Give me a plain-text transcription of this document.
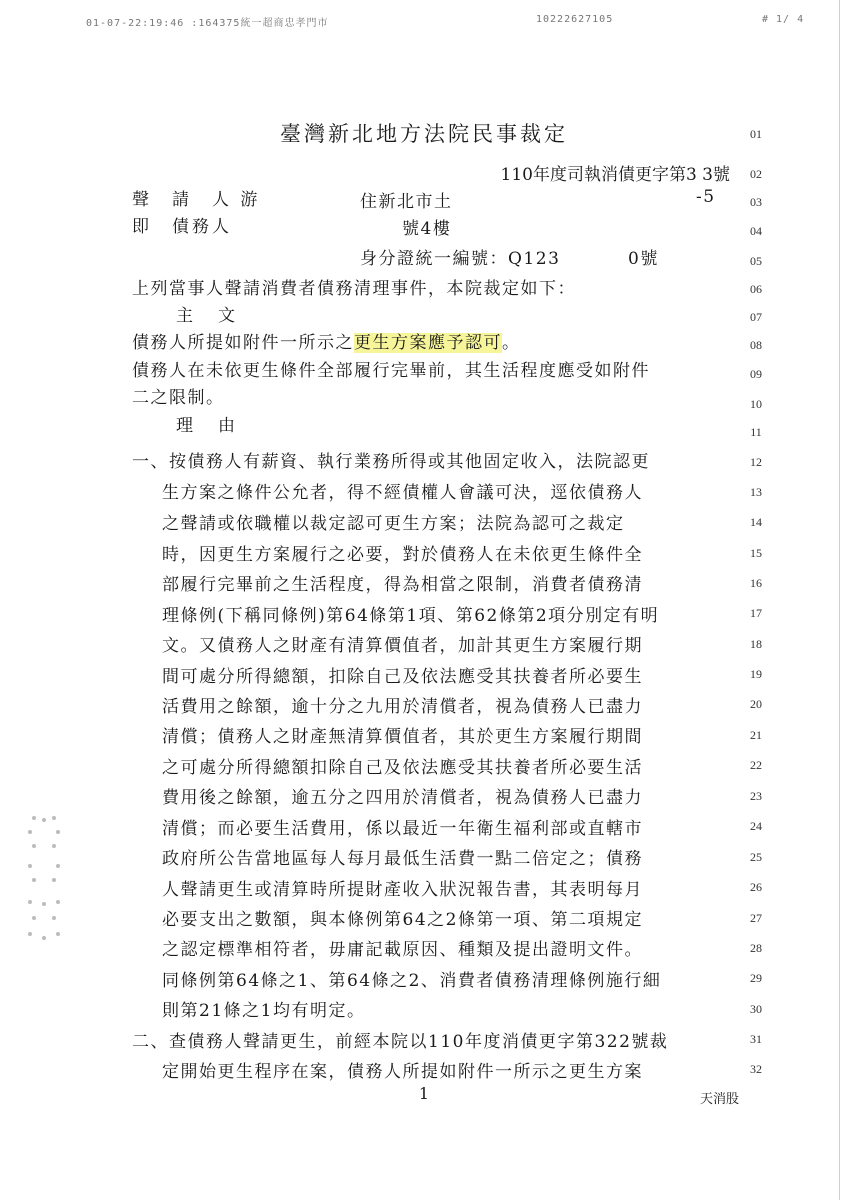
01-07-22:19:46 :164375統一超商忠孝門市	10222627105	# 1/ 4
臺灣新北地方法院民事裁定
110年度司執消債更字第3 3號
聲　請　人 游	住新北市土	-5
即　債務人	號4樓
身分證統一編號：Q123	0號
上列當事人聲請消費者債務清理事件，本院裁定如下：
主　文
債務人所提如附件一所示之更生方案應予認可。
債務人在未依更生條件全部履行完畢前，其生活程度應受如附件
二之限制。
理　由
一、按債務人有薪資、執行業務所得或其他固定收入，法院認更
生方案之條件公允者，得不經債權人會議可決，逕依債務人
之聲請或依職權以裁定認可更生方案；法院為認可之裁定
時，因更生方案履行之必要，對於債務人在未依更生條件全
部履行完畢前之生活程度，得為相當之限制，消費者債務清
理條例(下稱同條例)第64條第1項、第62條第2項分別定有明
文。又債務人之財產有清算價值者，加計其更生方案履行期
間可處分所得總額，扣除自己及依法應受其扶養者所必要生
活費用之餘額，逾十分之九用於清償者，視為債務人已盡力
清償；債務人之財產無清算價值者，其於更生方案履行期間
之可處分所得總額扣除自己及依法應受其扶養者所必要生活
費用後之餘額，逾五分之四用於清償者，視為債務人已盡力
清償；而必要生活費用，係以最近一年衛生福利部或直轄市
政府所公告當地區每人每月最低生活費一點二倍定之；債務
人聲請更生或清算時所提財產收入狀況報告書，其表明每月
必要支出之數額，與本條例第64之2條第一項、第二項規定
之認定標準相符者，毋庸記載原因、種類及提出證明文件。
同條例第64條之1、第64條之2、消費者債務清理條例施行細
則第21條之1均有明定。
二、查債務人聲請更生，前經本院以110年度消債更字第322號裁
定開始更生程序在案，債務人所提如附件一所示之更生方案
01
02
03
04
05
06
07
08
09
10
11
12
13
14
15
16
17
18
19
20
21
22
23
24
25
26
27
28
29
30
31
32
1	天消股
